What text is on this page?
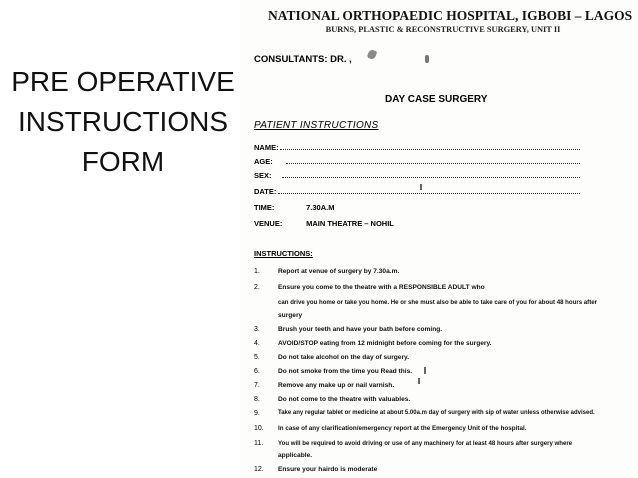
PRE OPERATIVE
INSTRUCTIONS
FORM
NATIONAL ORTHOPAEDIC HOSPITAL, IGBOBI – LAGOS
BURNS, PLASTIC & RECONSTRUCTIVE SURGERY, UNIT II
CONSULTANTS: DR. ,
DAY CASE SURGERY
PATIENT INSTRUCTIONS
NAME:
AGE:
SEX:
DATE:
TIME:	7.30A.M
VENUE:	MAIN THEATRE – NOHIL
INSTRUCTIONS:
1.	Report at venue of surgery by 7.30a.m.
2.	Ensure you come to the theatre with a RESPONSIBLE ADULT who
can drive you home or take you home. He or she must also be able to take care of you for about 48 hours after
surgery
3.	Brush your teeth and have your bath before coming.
4.	AVOID/STOP eating from 12 midnight before coming for the surgery.
5.	Do not take alcohol on the day of surgery.
6.	Do not smoke from the time you Read this.
7.	Remove any make up or nail varnish.
8.	Do not come to the theatre with valuables.
9.	Take any regular tablet or medicine at about 5.00a.m day of surgery with sip of water unless otherwise advised.
10. In case of any clarification/emergency report at the Emergency Unit of the hospital.
11. You will be required to avoid driving or use of any machinery for at least 48 hours after surgery where
applicable.
12. Ensure your hairdo is moderate
